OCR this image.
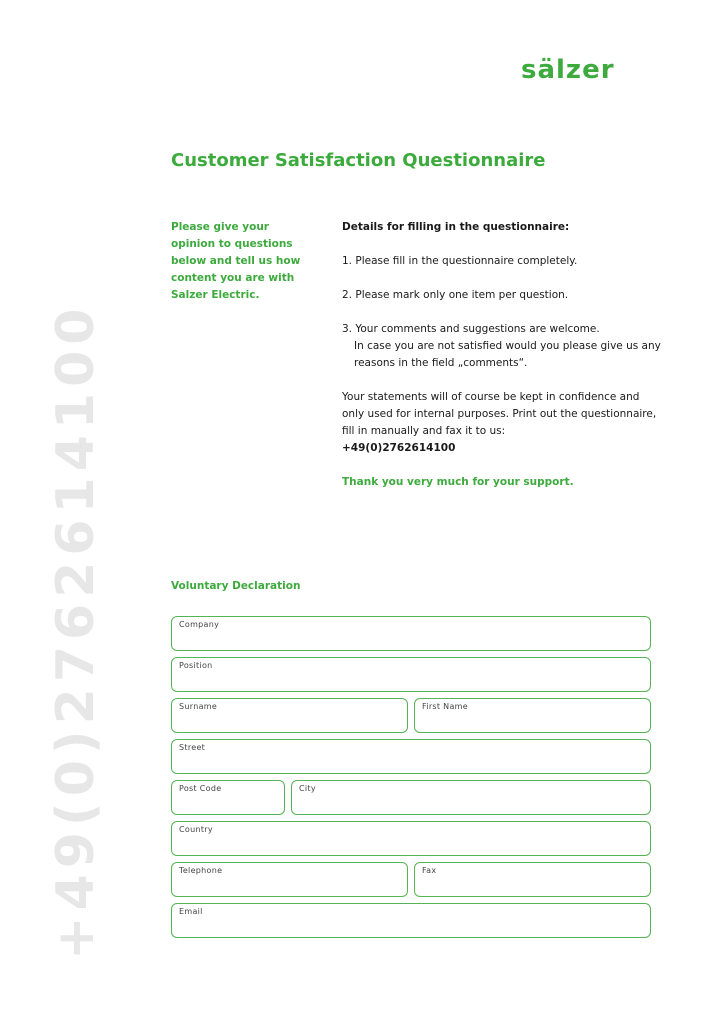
sälzer
+49(0)2762614100
Customer Satisfaction Questionnaire
Please give your opinion to questions below and tell us how content you are with Salzer Electric.

Details for filling in the questionnaire:

1. Please fill in the questionnaire completely.

2. Please mark only one item per question.

3. Your comments and suggestions are welcome.

In case you are not satisfied would you please give us any reasons in the field „comments“.

Your statements will of course be kept in confidence and only used for internal purposes. Print out the questionnaire, fill in manually and fax it to us:

+49(0)2762614100

Thank you very much for your support.

Voluntary Declaration
Company
Position
Surname	First Name
Street
Post Code	City
Country
Telephone	Fax
Email
